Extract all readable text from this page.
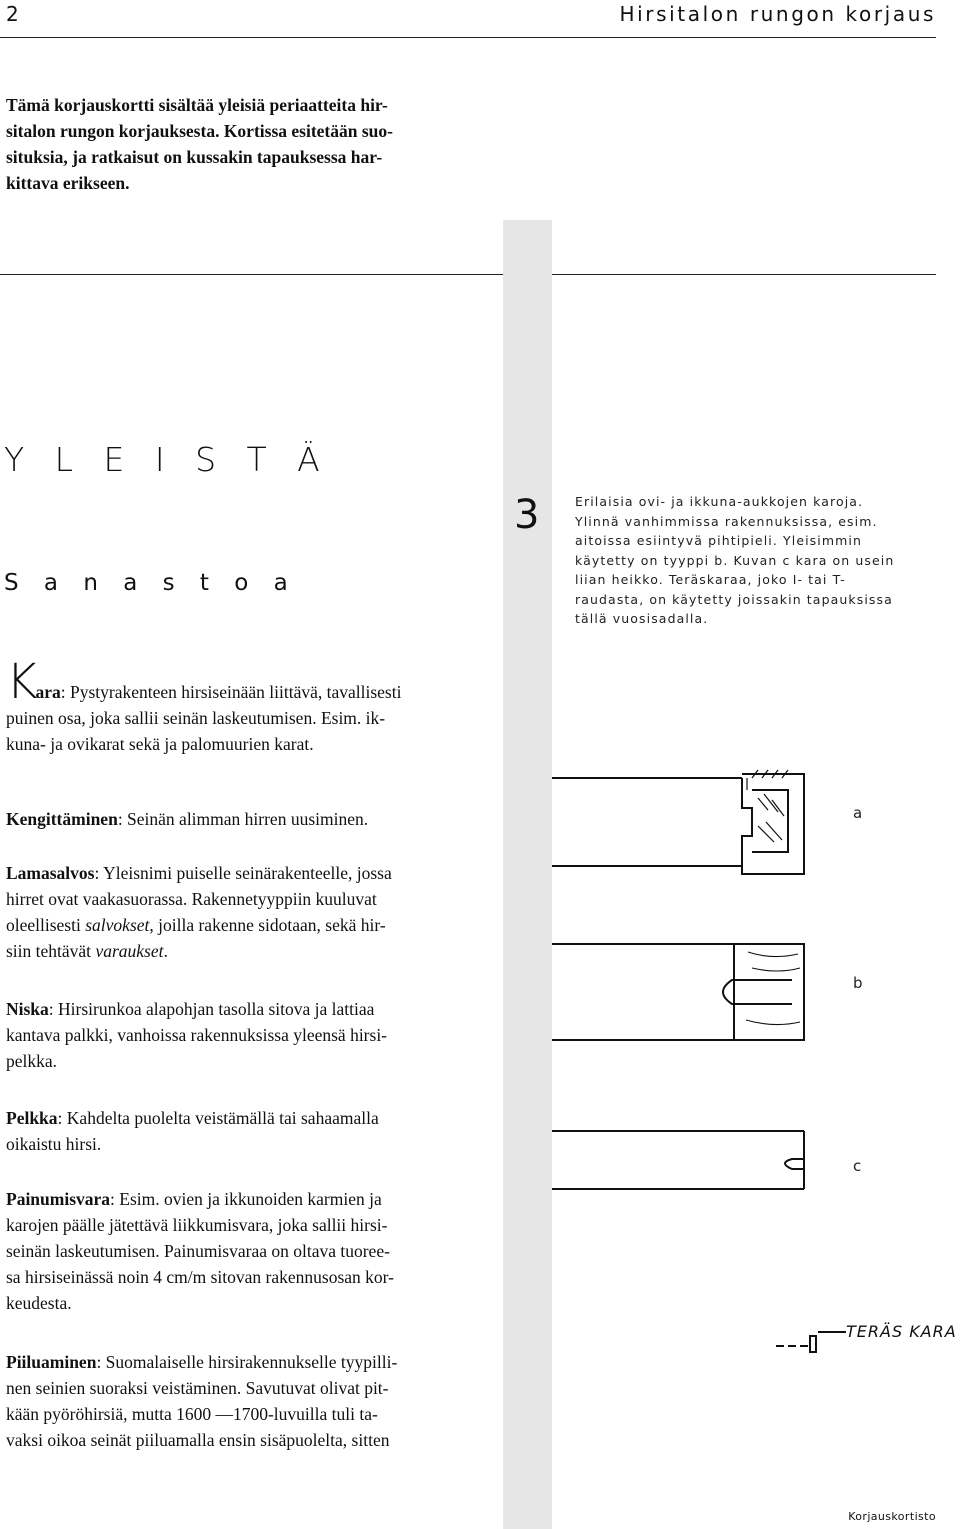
2	Hirsitalon rungon korjaus
Tämä korjauskortti sisältää yleisiä periaatteita hir-
sitalon rungon korjauksesta. Kortissa esitetään suo-
situksia, ja ratkaisut on kussakin tapauksessa har-
kittava erikseen.
Y L E I S T Ä
S a n a s t o a
3	Erilaisia ovi- ja ikkuna-aukkojen karoja.
Ylinnä vanhimmissa rakennuksissa, esim.
aitoissa esiintyvä pihtipieli. Yleisimmin
käytetty on tyyppi b. Kuvan c kara on usein
liian heikko. Teräskaraa, joko I- tai T-
raudasta, on käytetty joissakin tapauksissa
tällä vuosisadalla.
Kara: Pystyrakenteen hirsiseinään liittävä, tavallisesti
puinen osa, joka sallii seinän laskeutumisen. Esim. ik-
kuna- ja ovikarat sekä ja palomuurien karat.
Kengittäminen: Seinän alimman hirren uusiminen.
Lamasalvos: Yleisnimi puiselle seinärakenteelle, jossa
hirret ovat vaakasuorassa. Rakennetyyppiin kuuluvat
oleellisesti salvokset, joilla rakenne sidotaan, sekä hir-
siin tehtävät varaukset.
Niska: Hirsirunkoa alapohjan tasolla sitova ja lattiaa
kantava palkki, vanhoissa rakennuksissa yleensä hirsi-
pelkka.
Pelkka: Kahdelta puolelta veistämällä tai sahaamalla
oikaistu hirsi.
Painumisvara: Esim. ovien ja ikkunoiden karmien ja
karojen päälle jätettävä liikkumisvara, joka sallii hirsi-
seinän laskeutumisen. Painumisvaraa on oltava tuoree-
sa hirsiseinässä noin 4 cm/m sitovan rakennusosan kor-
keudesta.
Piiluaminen: Suomalaiselle hirsirakennukselle tyypilli-
nen seinien suoraksi veistäminen. Savutuvat olivat pit-
kään pyöröhirsiä, mutta 1600 —1700-luvuilla tuli ta-
vaksi oikoa seinät piiluamalla ensin sisäpuolelta, sitten
a
b
c
TERÄS KARA
Korjauskortisto
